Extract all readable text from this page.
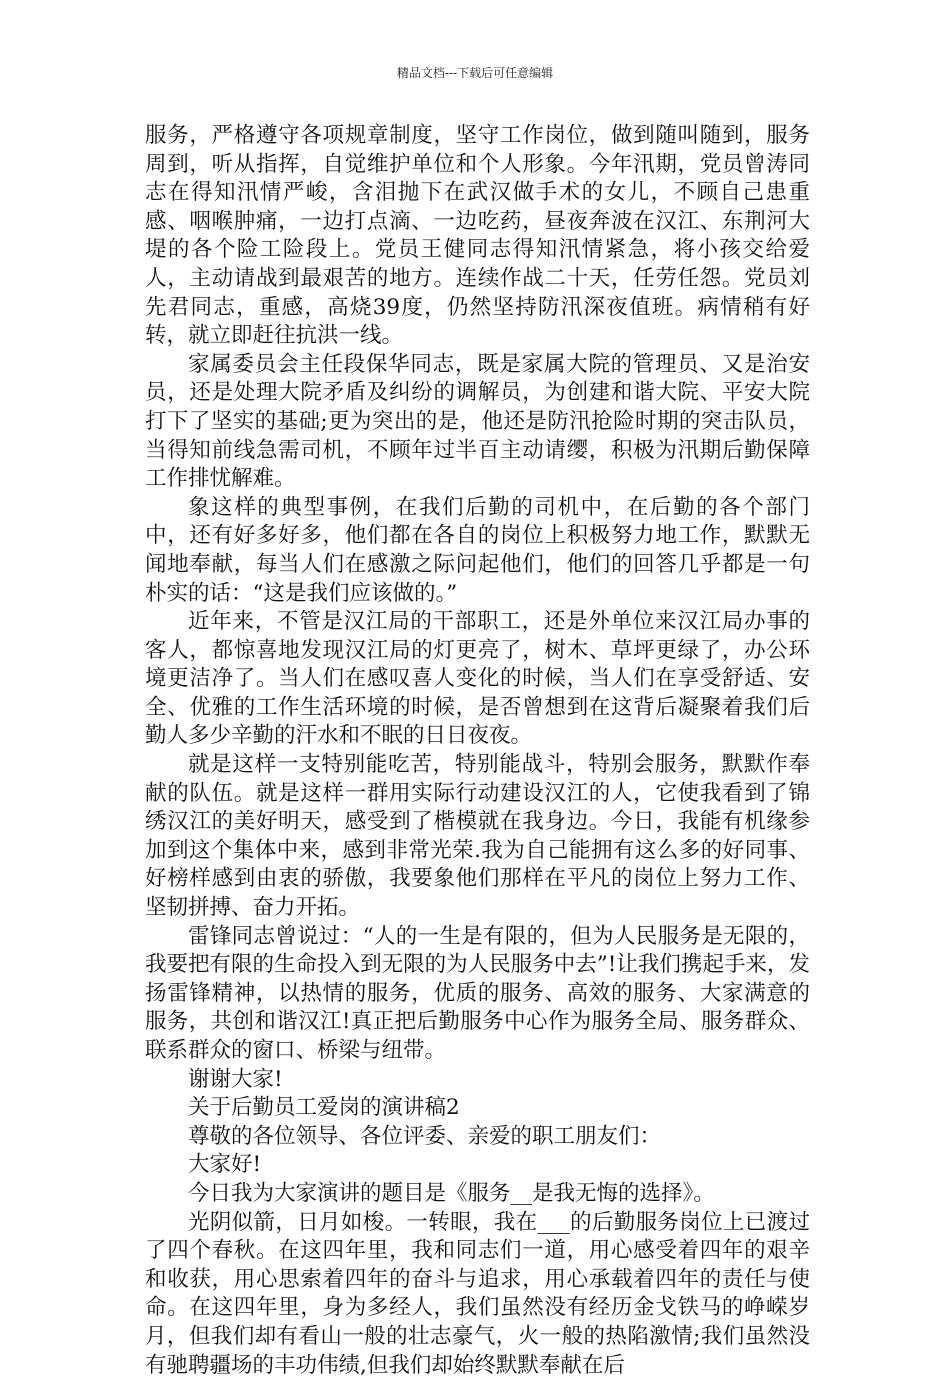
精品文档---下载后可任意编辑

服务，严格遵守各项规章制度，坚守工作岗位，做到随叫随到，服务周到，听从指挥，自觉维护单位和个人形象。今年汛期，党员曾涛同志在得知汛情严峻，含泪抛下在武汉做手术的女儿，不顾自己患重感、咽喉肿痛，一边打点滴、一边吃药，昼夜奔波在汉江、东荆河大堤的各个险工险段上。党员王健同志得知汛情紧急，将小孩交给爱人，主动请战到最艰苦的地方。连续作战二十天，任劳任怨。党员刘先君同志，重感，高烧39度，仍然坚持防汛深夜值班。病情稍有好转，就立即赶往抗洪一线。

家属委员会主任段保华同志，既是家属大院的管理员、又是治安员，还是处理大院矛盾及纠纷的调解员，为创建和谐大院、平安大院打下了坚实的基础;更为突出的是，他还是防汛抢险时期的突击队员，当得知前线急需司机，不顾年过半百主动请缨，积极为汛期后勤保障工作排忧解难。

象这样的典型事例，在我们后勤的司机中，在后勤的各个部门中，还有好多好多，他们都在各自的岗位上积极努力地工作，默默无闻地奉献，每当人们在感激之际问起他们，他们的回答几乎都是一句朴实的话：“这是我们应该做的。”

近年来，不管是汉江局的干部职工，还是外单位来汉江局办事的客人，都惊喜地发现汉江局的灯更亮了，树木、草坪更绿了，办公环境更洁净了。当人们在感叹喜人变化的时候，当人们在享受舒适、安全、优雅的工作生活环境的时候，是否曾想到在这背后凝聚着我们后勤人多少辛勤的汗水和不眠的日日夜夜。

就是这样一支特别能吃苦，特别能战斗，特别会服务，默默作奉献的队伍。就是这样一群用实际行动建设汉江的人，它使我看到了锦绣汉江的美好明天，感受到了楷模就在我身边。今日，我能有机缘参加到这个集体中来，感到非常光荣.我为自己能拥有这么多的好同事、好榜样感到由衷的骄傲，我要象他们那样在平凡的岗位上努力工作、坚韧拼搏、奋力开拓。

雷锋同志曾说过：“人的一生是有限的，但为人民服务是无限的，我要把有限的生命投入到无限的为人民服务中去”!让我们携起手来，发扬雷锋精神，以热情的服务，优质的服务、高效的服务、大家满意的服务，共创和谐汉江!真正把后勤服务中心作为服务全局、服务群众、联系群众的窗口、桥梁与纽带。

谢谢大家!

关于后勤员工爱岗的演讲稿2

尊敬的各位领导、各位评委、亲爱的职工朋友们：

大家好!

今日我为大家演讲的题目是《服务__是我无悔的选择》。

光阴似箭，日月如梭。一转眼，我在___的后勤服务岗位上已渡过了四个春秋。在这四年里，我和同志们一道，用心感受着四年的艰辛和收获，用心思索着四年的奋斗与追求，用心承载着四年的责任与使命。在这四年里，身为多经人，我们虽然没有经历金戈铁马的峥嵘岁月，但我们却有看山一般的壮志豪气，火一般的热陷激情;我们虽然没有驰聘疆场的丰功伟绩,但我们却始终默默奉献在后
